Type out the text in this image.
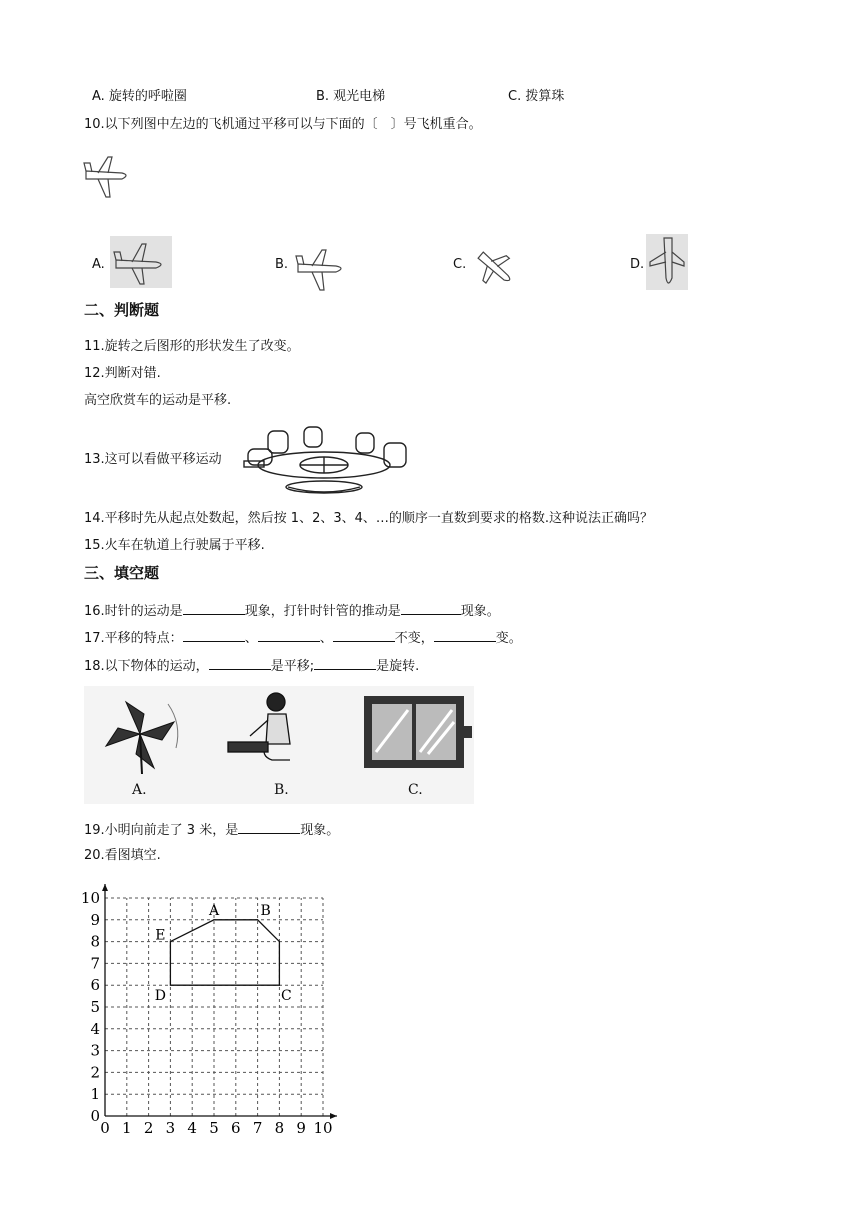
A. 旋转的呼啦圈	B. 观光电梯	C. 拨算珠
10.以下列图中左边的飞机通过平移可以与下面的〔　〕号飞机重合。
A.	B.	C.	D.
二、判断题
11.旋转之后图形的形状发生了改变。
12.判断对错.
高空欣赏车的运动是平移.
13.这可以看做平移运动
14.平移时先从起点处数起，然后按 1、2、3、4、…的顺序一直数到要求的格数.这种说法正确吗？
15.火车在轨道上行驶属于平移.
三、填空题
16.时针的运动是	现象，打针时针管的推动是	现象。
17.平移的特点：	、	、	不变，	变。
18.以下物体的运动，	是平移;	是旋转.
A.	B.	C.
19.小明向前走了 3 米，是	现象。
20.看图填空.
0 1 2 3 4 5 6 7 8 9 10
0
1
2
3
4
5
6
7
8
9
10
A	B
C
D
E
